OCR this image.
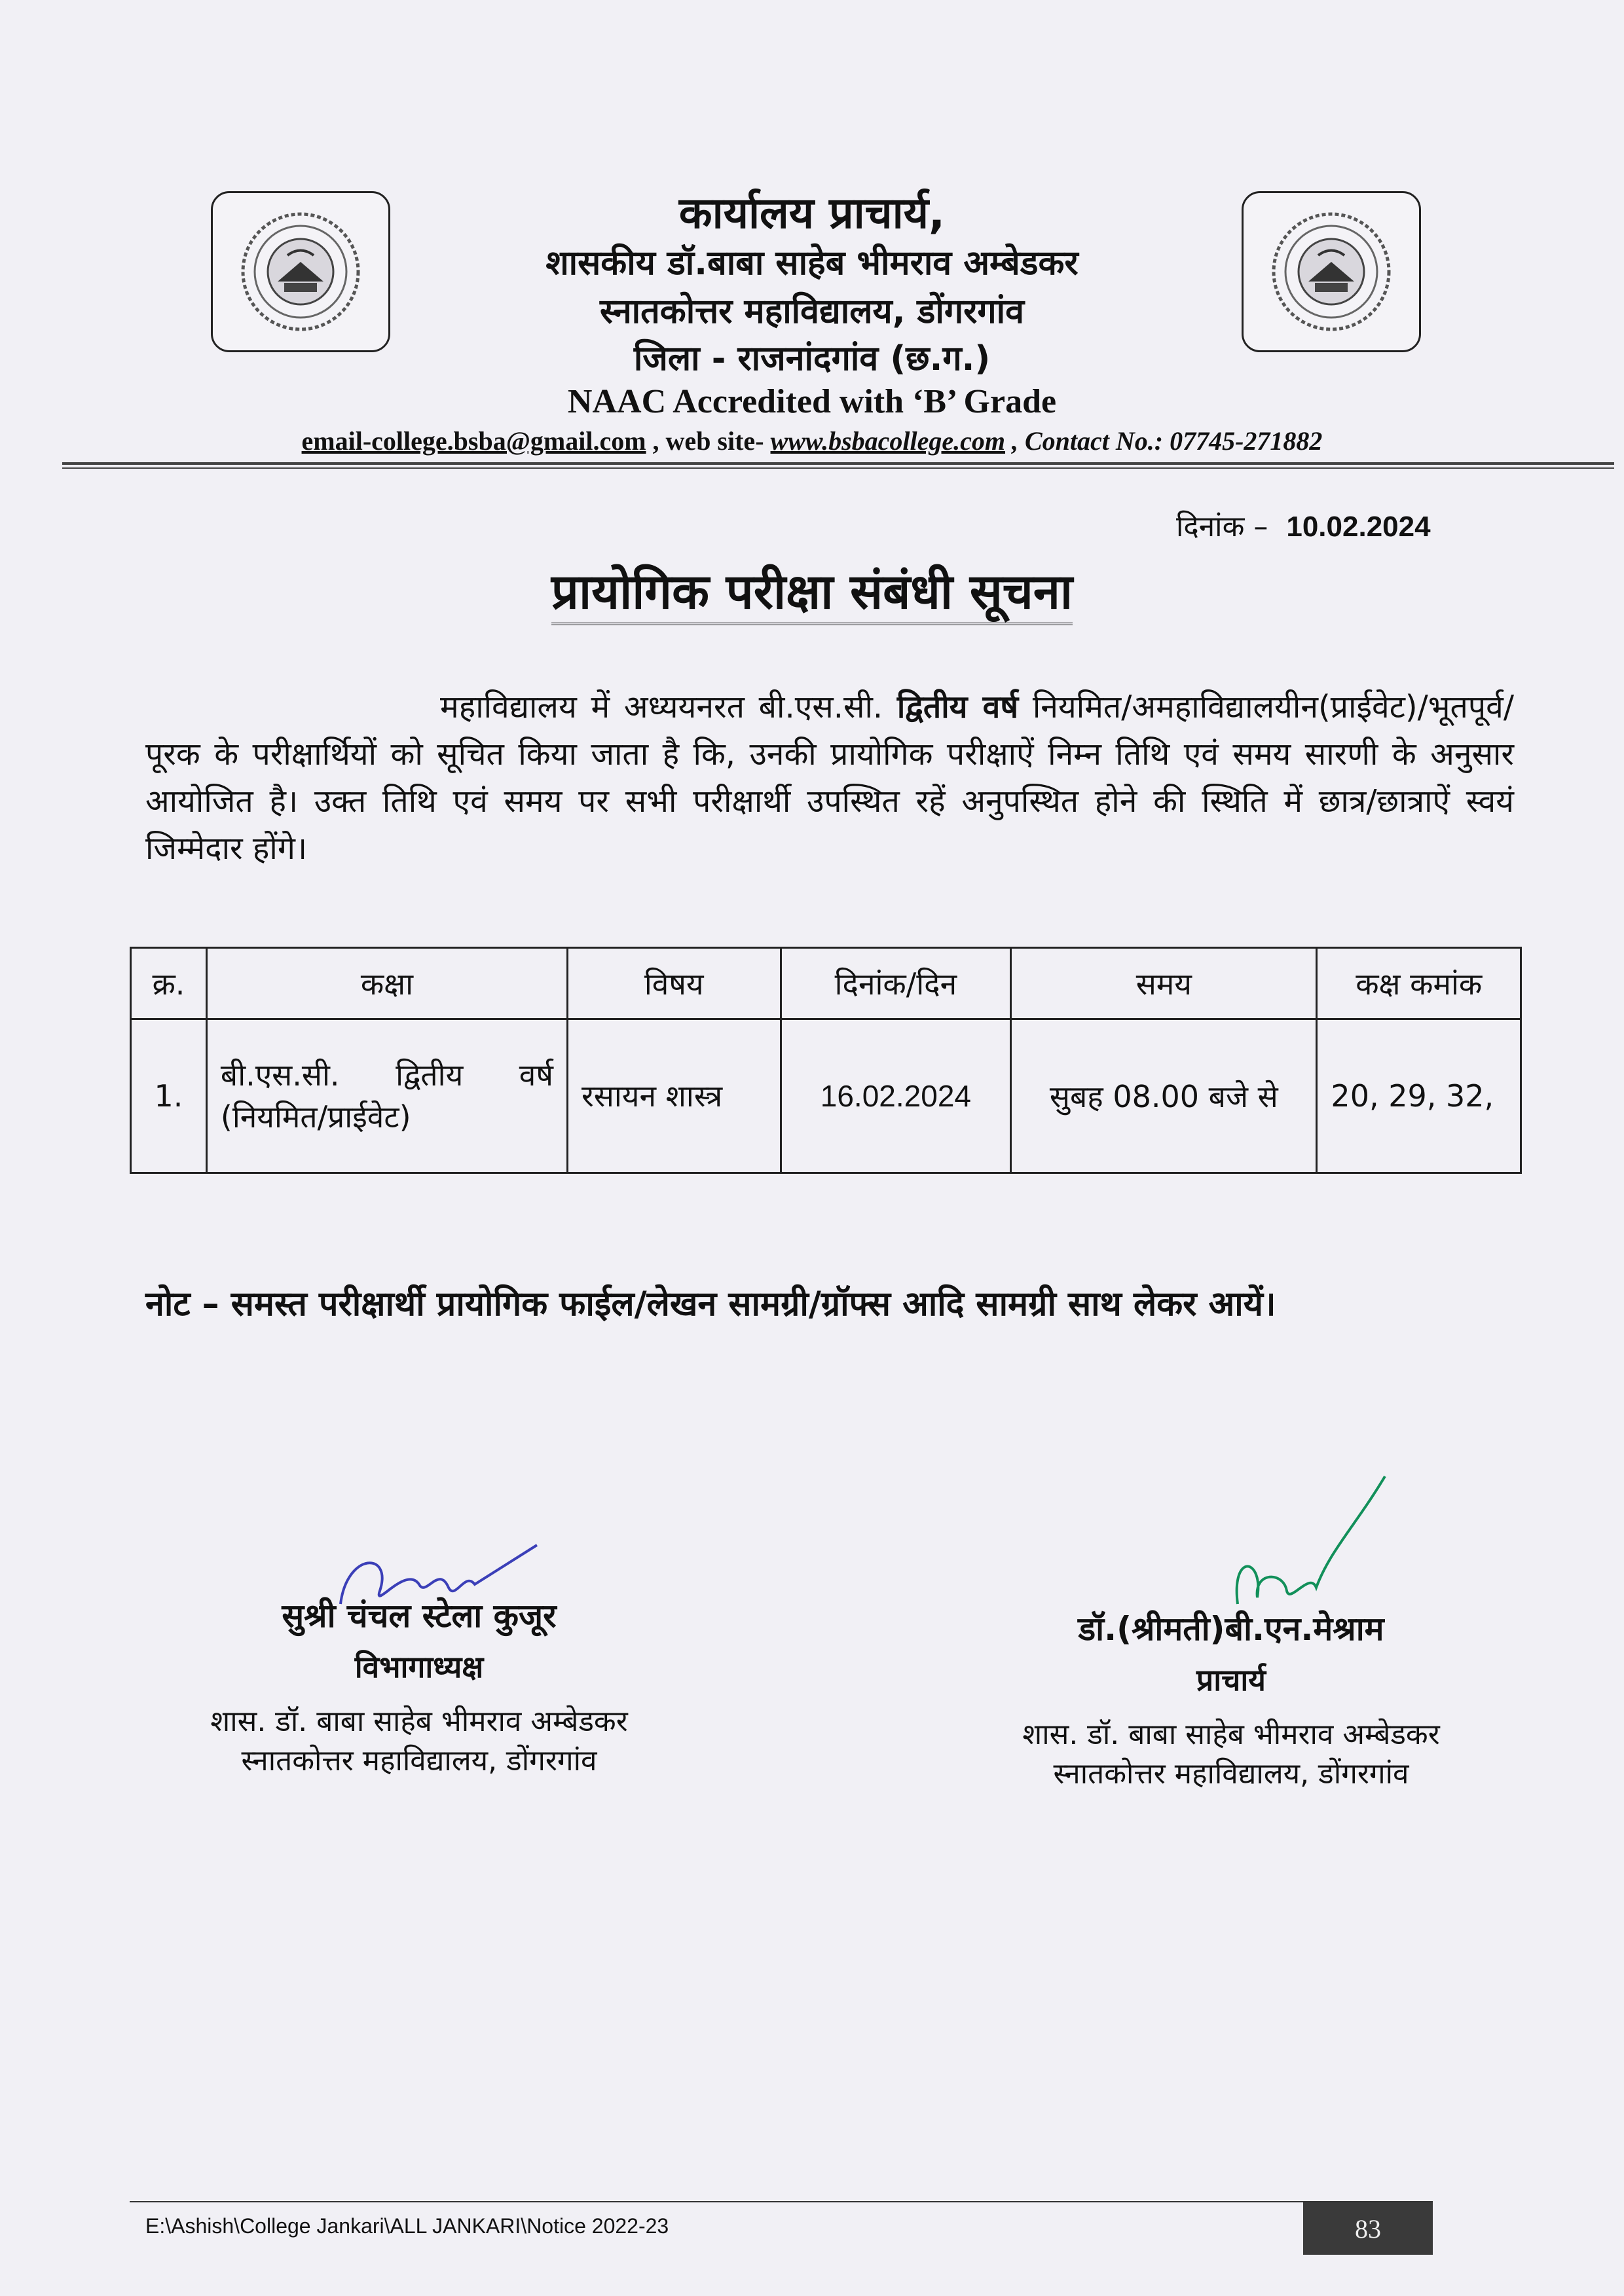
कार्यालय प्राचार्य,
शासकीय डॉ.बाबा साहेब भीमराव अम्बेडकर
स्नातकोत्तर महाविद्यालय, डोंगरगांव
जिला - राजनांदगांव (छ.ग.)
NAAC Accredited with ‘B’ Grade
email-college.bsba@gmail.com , web site- www.bsbacollege.com , Contact No.: 07745-271882
दिनांक – 10.02.2024
प्रायोगिक परीक्षा संबंधी सूचना
महाविद्यालय में अध्ययनरत बी.एस.सी. द्वितीय वर्ष नियमित/अमहाविद्यालयीन(प्राईवेट)/भूतपूर्व/पूरक के परीक्षार्थियों को सूचित किया जाता है कि, उनकी प्रायोगिक परीक्षाऐं निम्न तिथि एवं समय सारणी के अनुसार आयोजित है। उक्त तिथि एवं समय पर सभी परीक्षार्थी उपस्थित रहें अनुपस्थित होने की स्थिति में छात्र/छात्राऐं स्वयं जिम्मेदार होंगे।
क्र.	कक्षा	विषय	दिनांक/दिन	समय	कक्ष कमांक
1.	बी.एस.सी. द्वितीय वर्ष (नियमित/प्राईवेट)	रसायन शास्त्र	16.02.2024	सुबह 08.00 बजे से	20, 29, 32,
नोट – समस्त परीक्षार्थी प्रायोगिक फाईल/लेखन सामग्री/ग्रॉफ्स आदि सामग्री साथ लेकर आयें।
सुश्री चंचल स्टेला कुजूर
विभागाध्यक्ष
शास. डॉ. बाबा साहेब भीमराव अम्बेडकर
स्नातकोत्तर महाविद्यालय, डोंगरगांव
डॉ.(श्रीमती)बी.एन.मेश्राम
प्राचार्य
शास. डॉ. बाबा साहेब भीमराव अम्बेडकर
स्नातकोत्तर महाविद्यालय, डोंगरगांव
E:\Ashish\College Jankari\ALL JANKARI\Notice 2022-23	83
